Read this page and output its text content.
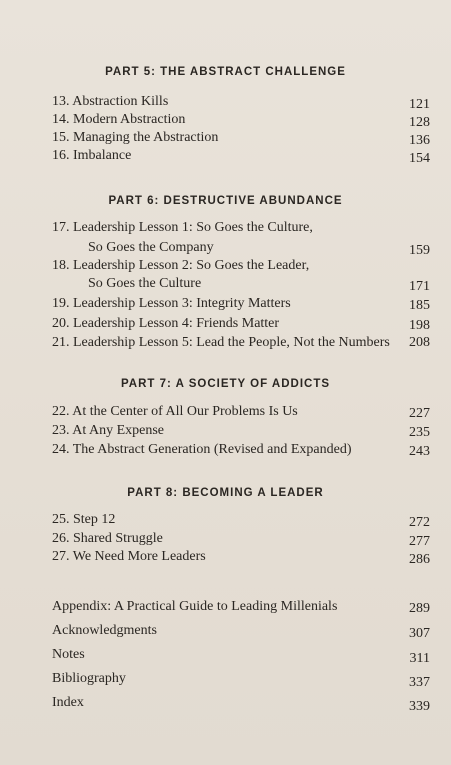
PART 5: THE ABSTRACT CHALLENGE
13. Abstraction Kills	121
14. Modern Abstraction	128
15. Managing the Abstraction	136
16. Imbalance	154
PART 6: DESTRUCTIVE ABUNDANCE
17. Leadership Lesson 1: So Goes the Culture,
So Goes the Company	159
18. Leadership Lesson 2: So Goes the Leader,
So Goes the Culture	171
19. Leadership Lesson 3: Integrity Matters	185
20. Leadership Lesson 4: Friends Matter	198
21. Leadership Lesson 5: Lead the People, Not the Numbers 208
PART 7: A SOCIETY OF ADDICTS
22. At the Center of All Our Problems Is Us	227
23. At Any Expense	235
24. The Abstract Generation (Revised and Expanded)	243
PART 8: BECOMING A LEADER
25. Step 12	272
26. Shared Struggle	277
27. We Need More Leaders	286
Appendix: A Practical Guide to Leading Millenials	289
Acknowledgments	307
Notes	311
Bibliography	337
Index	339
